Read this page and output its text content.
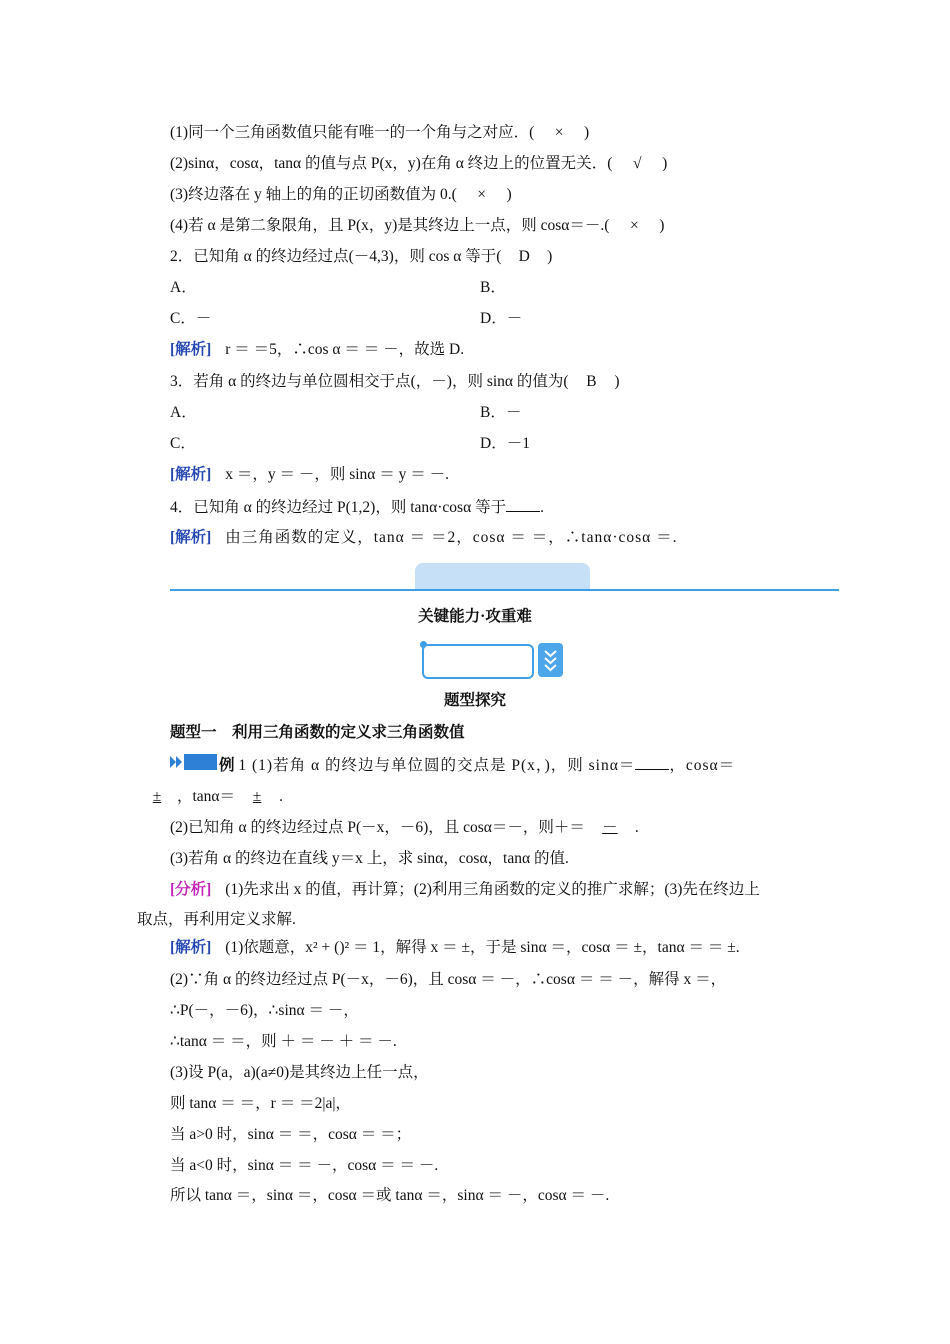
(1)同一个三角函数值只能有唯一的一个角与之对应．( × )
(2)sinα，cosα，tanα 的值与点 P(x，y)在角 α 终边上的位置无关．( √ )
(3)终边落在 y 轴上的角的正切函数值为 0.( × )
(4)若 α 是第二象限角，且 P(x，y)是其终边上一点，则 cosα＝－.( × )
2．已知角 α 的终边经过点(－4,3)，则 cos α 等于( D )
A．	B．
C．－	D．－
[解析] r ＝ ＝5，∴cos α ＝ ＝ －，故选 D.
3．若角 α 的终边与单位圆相交于点(，－)，则 sinα 的值为( B )
A．	B．－
C．	D．－1
[解析] x ＝，y ＝ －，则 sinα ＝ y ＝ －.
4．已知角 α 的终边经过 P(1,2)，则 tanα·cosα 等于 .
[解析] 由三角函数的定义，tanα ＝ ＝2，cosα ＝ ＝，∴tanα·cosα ＝.
关键能力·攻重难
题型探究
题型一　利用三角函数的定义求三角函数值
例 1 (1)若角 α 的终边与单位圆的交点是 P(x，)，则 sinα＝ ，cosα＝
± ，tanα＝ ± .
(2)已知角 α 的终边经过点 P(－x，－6)，且 cosα＝－，则＋＝ － .
(3)若角 α 的终边在直线 y＝x 上，求 sinα，cosα，tanα 的值.
[分析] (1)先求出 x 的值，再计算；(2)利用三角函数的定义的推广求解；(3)先在终边上
取点，再利用定义求解.
[解析] (1)依题意，x² + ()² ＝ 1，解得 x ＝ ±，于是 sinα ＝，cosα ＝ ±，tanα ＝ ＝ ±.
(2)∵角 α 的终边经过点 P(－x，－6)，且 cosα ＝ －，∴cosα ＝ ＝ －，解得 x ＝，
∴P(－，－6)，∴sinα ＝ －，
∴tanα ＝ ＝，则 ＋ ＝ － ＋ ＝ －.
(3)设 P(a，a)(a≠0)是其终边上任一点，
则 tanα ＝ ＝，r ＝ ＝2|a|，
当 a>0 时，sinα ＝ ＝，cosα ＝ ＝；
当 a<0 时，sinα ＝ ＝ －，cosα ＝ ＝ －.
所以 tanα ＝，sinα ＝，cosα ＝或 tanα ＝，sinα ＝ －，cosα ＝ －.
